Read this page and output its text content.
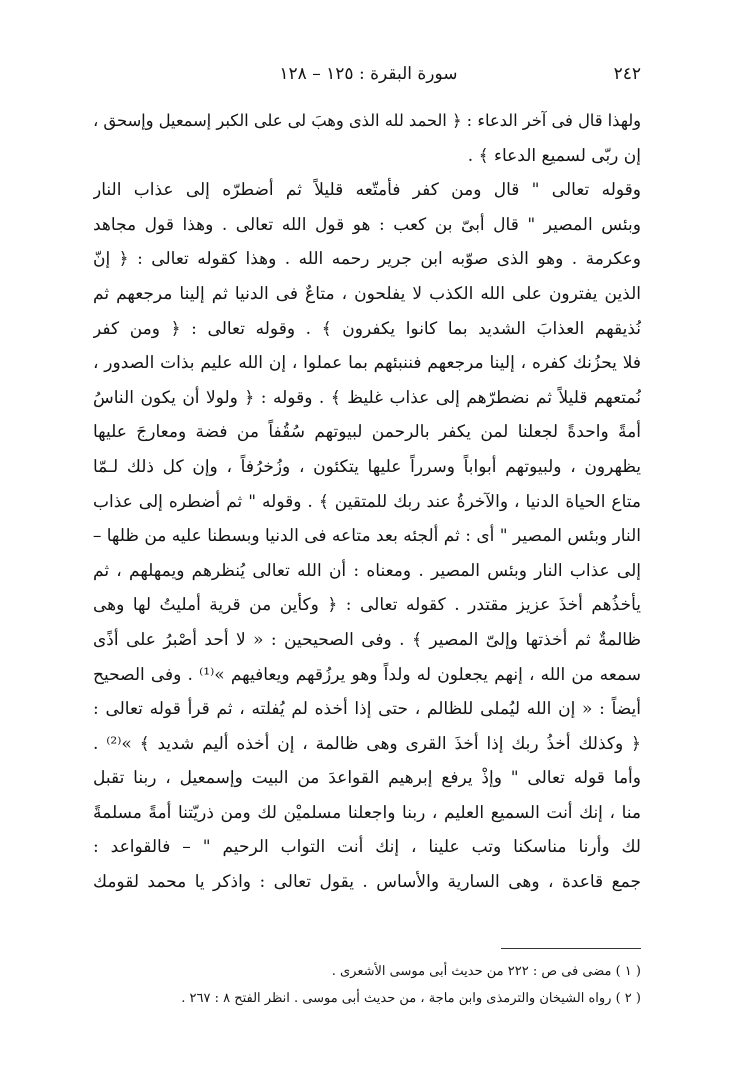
٢٤٢
سورة البقرة : ١٢٥ – ١٢٨
ولهذا قال فى آخر الدعاء : ﴿ الحمد لله الذى وهبَ لى على الكبر إسمعيل وإسحق ،
إن ربّى لسميع الدعاء ﴾ .
وقوله تعالى " قال ومن كفر فأمتّعه قليلاً ثم أضطرّه إلى عذاب النار
وبئس المصير " قال أبىّ بن كعب : هو قول الله تعالى . وهذا قول مجاهد
وعكرمة . وهو الذى صوّبه ابن جرير رحمه الله . وهذا كقوله تعالى : ﴿ إنّ
الذين يفترون على الله الكذب لا يفلحون ، متاعٌ فى الدنيا ثم إلينا مرجعهم ثم
نُذيقهم العذابَ الشديد بما كانوا يكفرون ﴾ . وقوله تعالى : ﴿ ومن كفر
فلا يحزُنك كفره ، إلينا مرجعهم فننبئهم بما عملوا ، إن الله عليم بذات الصدور ،
نُمتعهم قليلاً ثم نضطرّهم إلى عذاب غليظ ﴾ . وقوله : ﴿ ولولا أن يكون الناسُ
أمةً واحدةً لجعلنا لمن يكفر بالرحمن لبيوتهم سُقُفاً من فضة ومعارجَ عليها
يظهرون ، ولبيوتهم أبواباً وسرراً عليها يتكئون ، وزُخرُفاً ، وإن كل ذلك لـمّا
متاع الحياة الدنيا ، والآخرةُ عند ربك للمتقين ﴾ . وقوله " ثم أضطره إلى عذاب
النار وبئس المصير " أى : ثم ألجئه بعد متاعه فى الدنيا وبسطنا عليه من ظلها –
إلى عذاب النار وبئس المصير . ومعناه : أن الله تعالى يُنظرهم ويمهلهم ، ثم
يأخذُهم أخذَ عزيز مقتدر . كقوله تعالى : ﴿ وكأين من قرية أمليتُ لها وهى
ظالمةٌ ثم أخذتها وإلىّ المصير ﴾ . وفى الصحيحين : « لا أحد أصْبرُ على أذًى
سمعه من الله ، إنهم يجعلون له ولداً وهو يرزُقهم ويعافيهم »⁽¹⁾ . وفى الصحيح
أيضاً : « إن الله ليُملى للظالم ، حتى إذا أخذه لم يُفلته ، ثم قرأ قوله تعالى :
﴿ وكذلك أخذُ ربك إذا أخذَ القرى وهى ظالمة ، إن أخذه أليم شديد ﴾ »⁽²⁾ .
وأما قوله تعالى " وإذْ يرفع إبرهيم القواعدَ من البيت وإسمعيل ، ربنا تقبل
منا ، إنك أنت السميع العليم ، ربنا واجعلنا مسلميْن لك ومن ذريّتنا أمةً مسلمةً
لك وأرنا مناسكنا وتب علينا ، إنك أنت التواب الرحيم " – فالقواعد :
جمع قاعدة ، وهى السارية والأساس . يقول تعالى : واذكر يا محمد لقومك
( ١ ) مضى فى ص : ٢٢٢ من حديث أبى موسى الأشعرى .
( ٢ ) رواه الشيخان والترمذى وابن ماجة ، من حديث أبى موسى . انظر الفتح ٨ : ٢٦٧ .
